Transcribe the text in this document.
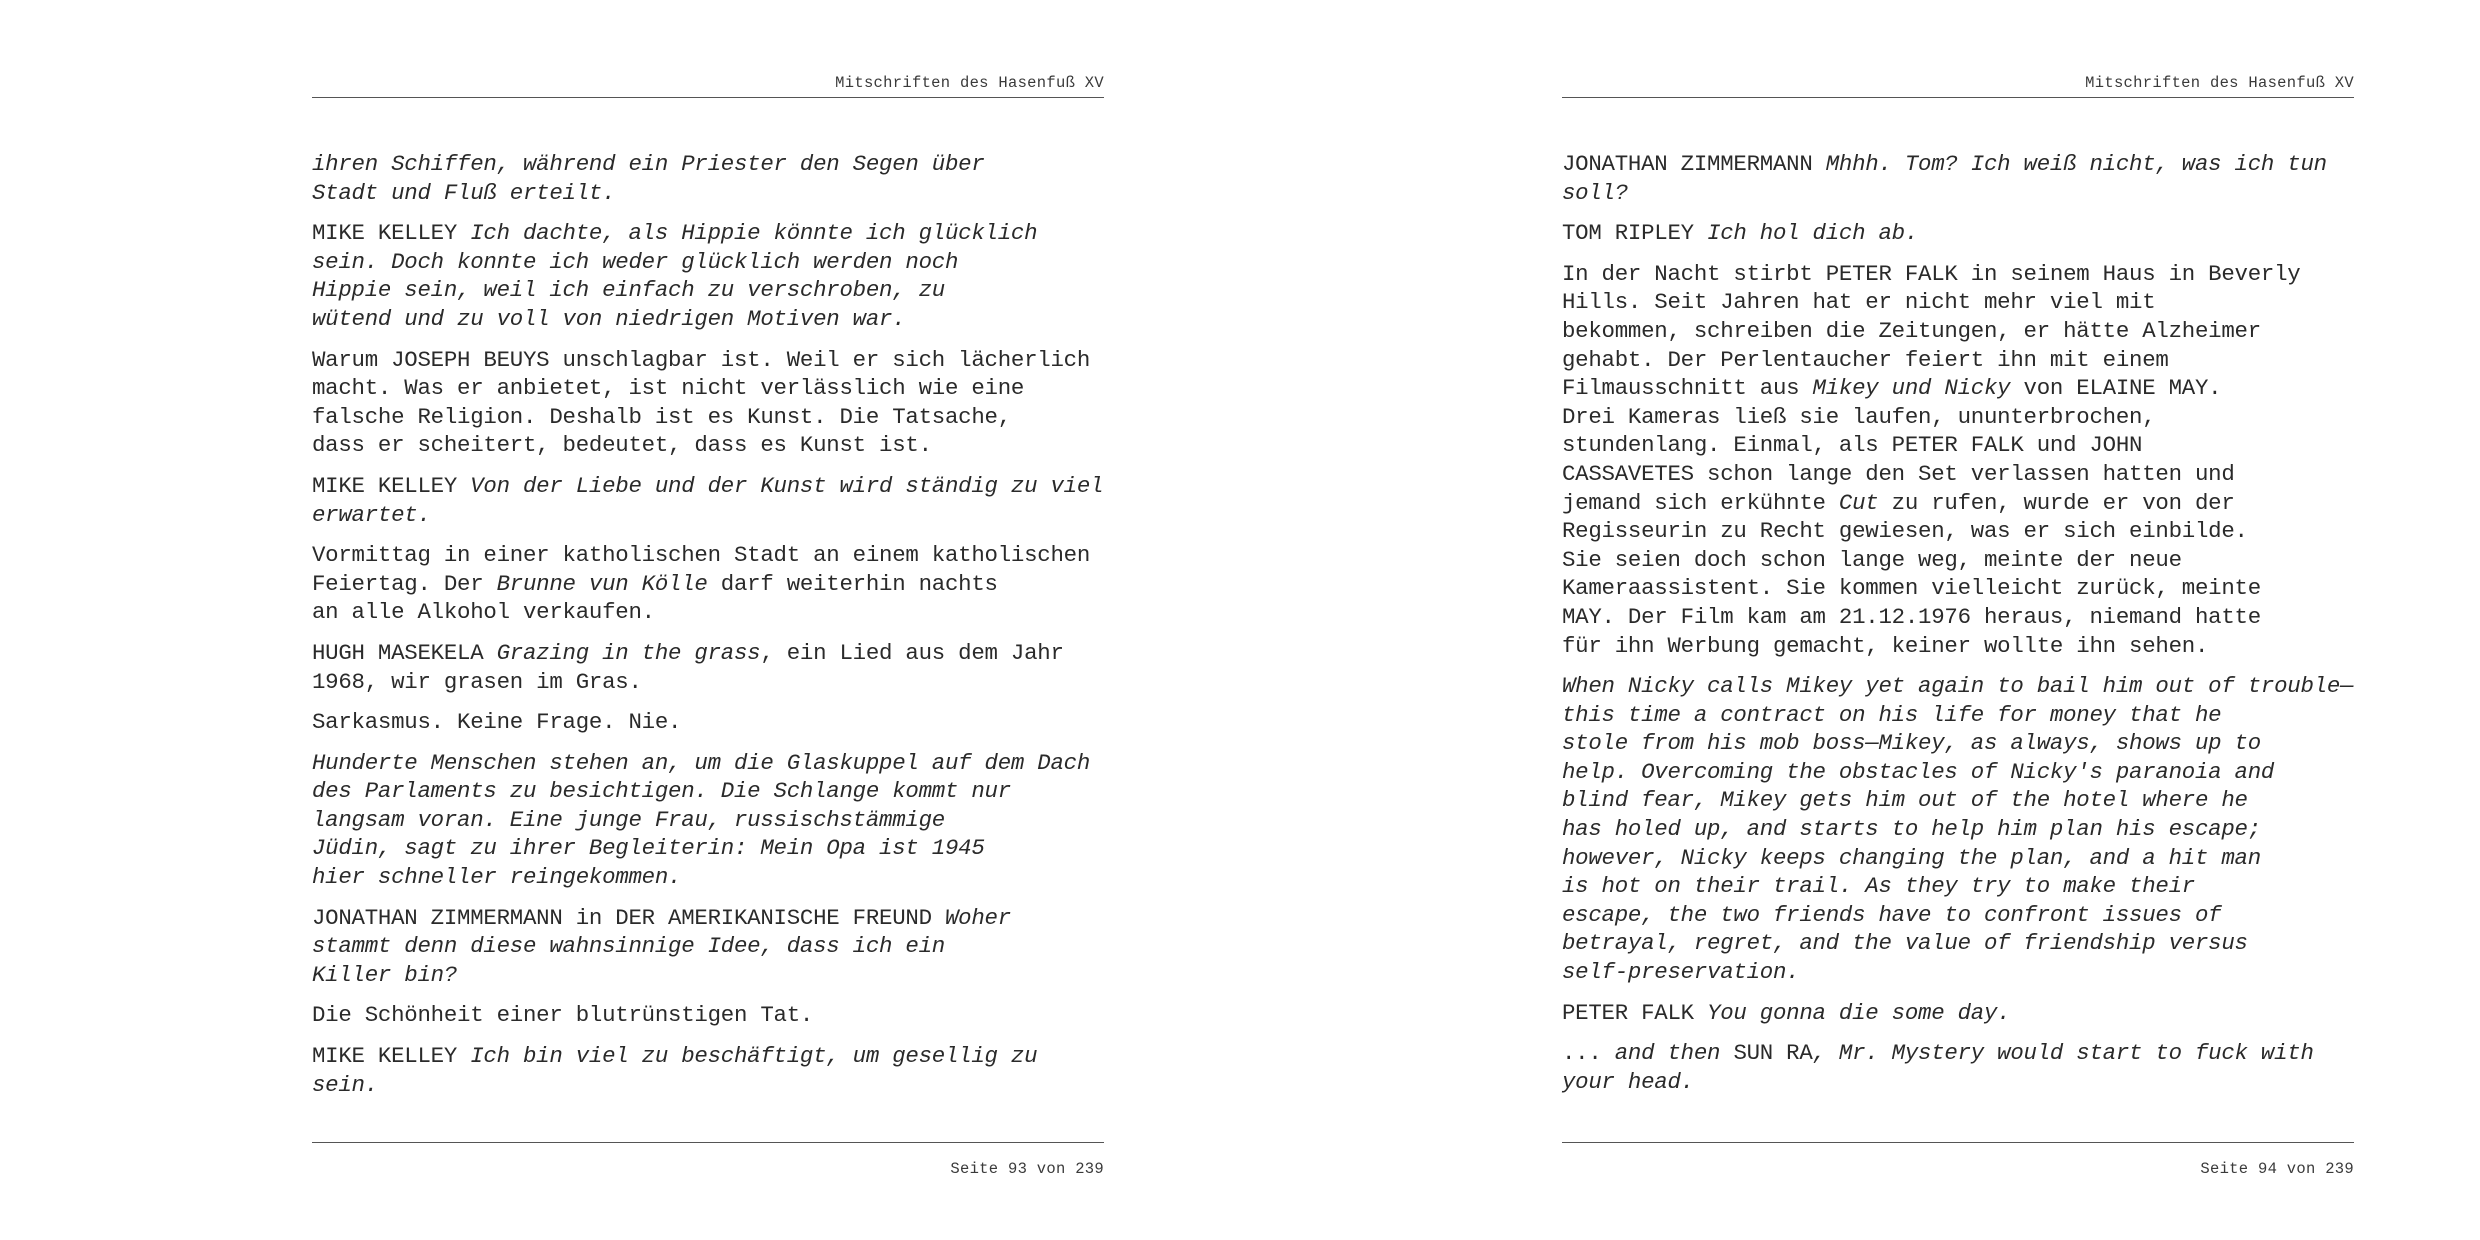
Mitschriften des Hasenfuß XV
ihren Schiffen, während ein Priester den Segen über
Stadt und Fluß erteilt.
MIKE KELLEY Ich dachte, als Hippie könnte ich glücklich
sein. Doch konnte ich weder glücklich werden noch
Hippie sein, weil ich einfach zu verschroben, zu
wütend und zu voll von niedrigen Motiven war.
Warum JOSEPH BEUYS unschlagbar ist. Weil er sich lächerlich
macht. Was er anbietet, ist nicht verlässlich wie eine
falsche Religion. Deshalb ist es Kunst. Die Tatsache,
dass er scheitert, bedeutet, dass es Kunst ist.
MIKE KELLEY Von der Liebe und der Kunst wird ständig zu viel
erwartet.
Vormittag in einer katholischen Stadt an einem katholischen
Feiertag. Der Brunne vun Kölle darf weiterhin nachts
an alle Alkohol verkaufen.
HUGH MASEKELA Grazing in the grass, ein Lied aus dem Jahr
1968, wir grasen im Gras.
Sarkasmus. Keine Frage. Nie.
Hunderte Menschen stehen an, um die Glaskuppel auf dem Dach
des Parlaments zu besichtigen. Die Schlange kommt nur
langsam voran. Eine junge Frau, russischstämmige
Jüdin, sagt zu ihrer Begleiterin: Mein Opa ist 1945
hier schneller reingekommen.
JONATHAN ZIMMERMANN in DER AMERIKANISCHE FREUND Woher
stammt denn diese wahnsinnige Idee, dass ich ein
Killer bin?
Die Schönheit einer blutrünstigen Tat.
MIKE KELLEY Ich bin viel zu beschäftigt, um gesellig zu
sein.
Seite 93 von 239
Mitschriften des Hasenfuß XV
JONATHAN ZIMMERMANN Mhhh. Tom? Ich weiß nicht, was ich tun
soll?
TOM RIPLEY Ich hol dich ab.
In der Nacht stirbt PETER FALK in seinem Haus in Beverly
Hills. Seit Jahren hat er nicht mehr viel mit
bekommen, schreiben die Zeitungen, er hätte Alzheimer
gehabt. Der Perlentaucher feiert ihn mit einem
Filmausschnitt aus Mikey und Nicky von ELAINE MAY.
Drei Kameras ließ sie laufen, ununterbrochen,
stundenlang. Einmal, als PETER FALK und JOHN
CASSAVETES schon lange den Set verlassen hatten und
jemand sich erkühnte Cut zu rufen, wurde er von der
Regisseurin zu Recht gewiesen, was er sich einbilde.
Sie seien doch schon lange weg, meinte der neue
Kameraassistent. Sie kommen vielleicht zurück, meinte
MAY. Der Film kam am 21.12.1976 heraus, niemand hatte
für ihn Werbung gemacht, keiner wollte ihn sehen.
When Nicky calls Mikey yet again to bail him out of trouble—
this time a contract on his life for money that he
stole from his mob boss—Mikey, as always, shows up to
help. Overcoming the obstacles of Nicky's paranoia and
blind fear, Mikey gets him out of the hotel where he
has holed up, and starts to help him plan his escape;
however, Nicky keeps changing the plan, and a hit man
is hot on their trail. As they try to make their
escape, the two friends have to confront issues of
betrayal, regret, and the value of friendship versus
self-preservation.
PETER FALK You gonna die some day.
... and then SUN RA, Mr. Mystery would start to fuck with
your head.
Seite 94 von 239
